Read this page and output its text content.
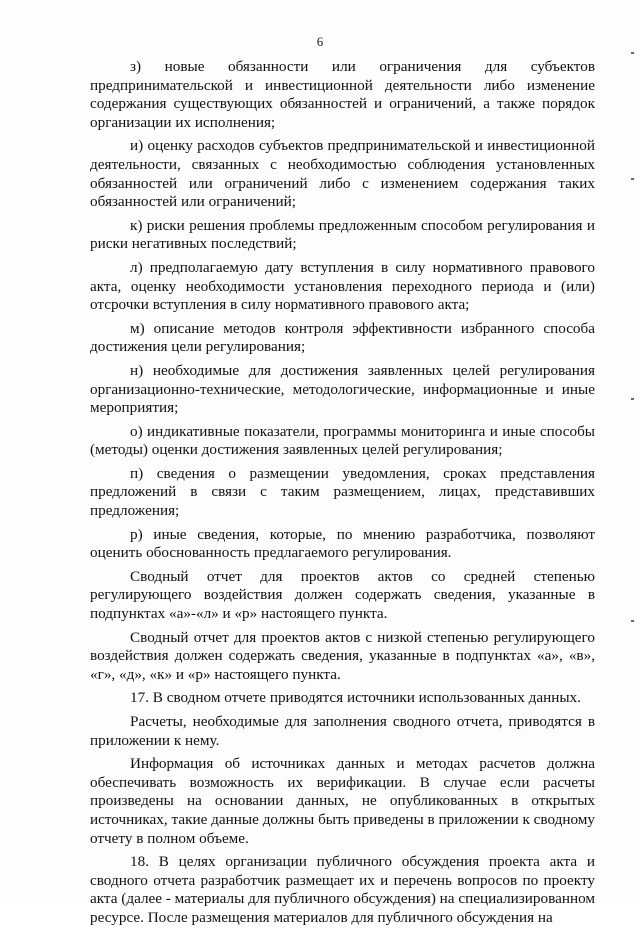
6

з) новые обязанности или ограничения для субъектов предпринимательской и инвестиционной деятельности либо изменение содержания существующих обязанностей и ограничений, а также порядок организации их исполнения;

и) оценку расходов субъектов предпринимательской и инвестиционной деятельности, связанных с необходимостью соблюдения установленных обязанностей или ограничений либо с изменением содержания таких обязанностей или ограничений;

к) риски решения проблемы предложенным способом регулирования и риски негативных последствий;

л) предполагаемую дату вступления в силу нормативного правового акта, оценку необходимости установления переходного периода и (или) отсрочки вступления в силу нормативного правового акта;

м) описание методов контроля эффективности избранного способа достижения цели регулирования;

н) необходимые для достижения заявленных целей регулирования организационно-технические, методологические, информационные и иные мероприятия;

о) индикативные показатели, программы мониторинга и иные способы (методы) оценки достижения заявленных целей регулирования;

п) сведения о размещении уведомления, сроках представления предложений в связи с таким размещением, лицах, представивших предложения;

р) иные сведения, которые, по мнению разработчика, позволяют оценить обоснованность предлагаемого регулирования.

Сводный отчет для проектов актов со средней степенью регулирующего воздействия должен содержать сведения, указанные в подпунктах «а»-«л» и «р» настоящего пункта.

Сводный отчет для проектов актов с низкой степенью регулирующего воздействия должен содержать сведения, указанные в подпунктах «а», «в», «г», «д», «к» и «р» настоящего пункта.

17. В сводном отчете приводятся источники использованных данных.

Расчеты, необходимые для заполнения сводного отчета, приводятся в приложении к нему.

Информация об источниках данных и методах расчетов должна обеспечивать возможность их верификации. В случае если расчеты произведены на основании данных, не опубликованных в открытых источниках, такие данные должны быть приведены в приложении к сводному отчету в полном объеме.

18. В целях организации публичного обсуждения проекта акта и сводного отчета разработчик размещает их и перечень вопросов по проекту акта (далее - материалы для публичного обсуждения) на специализированном ресурсе. После размещения материалов для публичного обсуждения на
